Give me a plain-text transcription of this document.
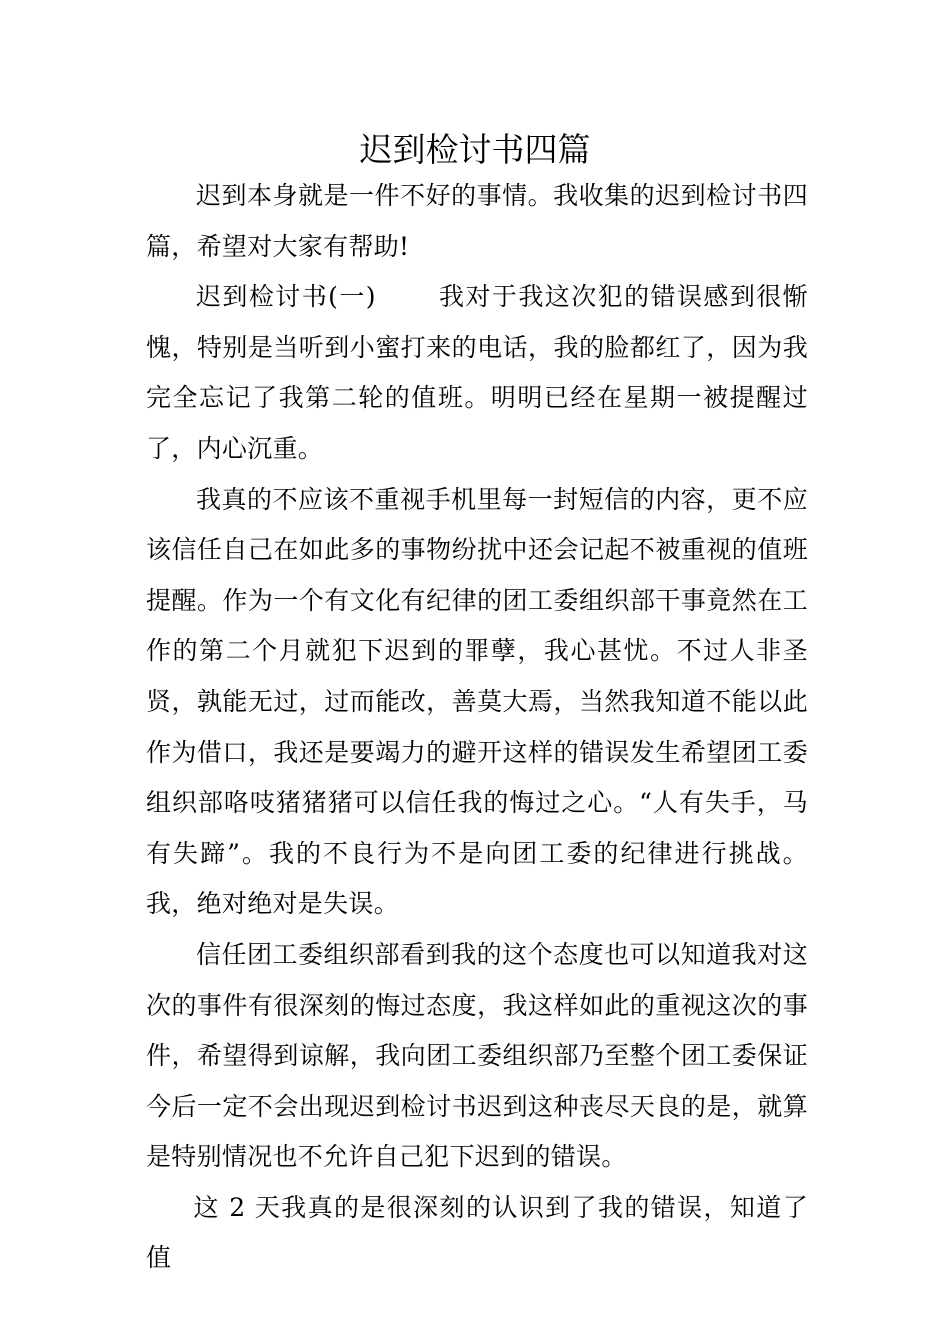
迟到检讨书四篇

迟到本身就是一件不好的事情。我收集的迟到检讨书四篇，希望对大家有帮助!

迟到检讨书(一) 我对于我这次犯的错误感到很惭愧，特别是当听到小蜜打来的电话，我的脸都红了，因为我完全忘记了我第二轮的值班。明明已经在星期一被提醒过了，内心沉重。

我真的不应该不重视手机里每一封短信的内容，更不应该信任自己在如此多的事物纷扰中还会记起不被重视的值班提醒。作为一个有文化有纪律的团工委组织部干事竟然在工作的第二个月就犯下迟到的罪孽，我心甚忧。不过人非圣贤，孰能无过，过而能改，善莫大焉，当然我知道不能以此作为借口，我还是要竭力的避开这样的错误发生希望团工委组织部咯吱猪猪猪可以信任我的悔过之心。“人有失手，马有失蹄”。我的不良行为不是向团工委的纪律进行挑战。我，绝对绝对是失误。

信任团工委组织部看到我的这个态度也可以知道我对这次的事件有很深刻的悔过态度，我这样如此的重视这次的事件，希望得到谅解，我向团工委组织部乃至整个团工委保证今后一定不会出现迟到检讨书迟到这种丧尽天良的是，就算是特别情况也不允许自己犯下迟到的错误。

这 2 天我真的是很深刻的认识到了我的错误，知道了值
